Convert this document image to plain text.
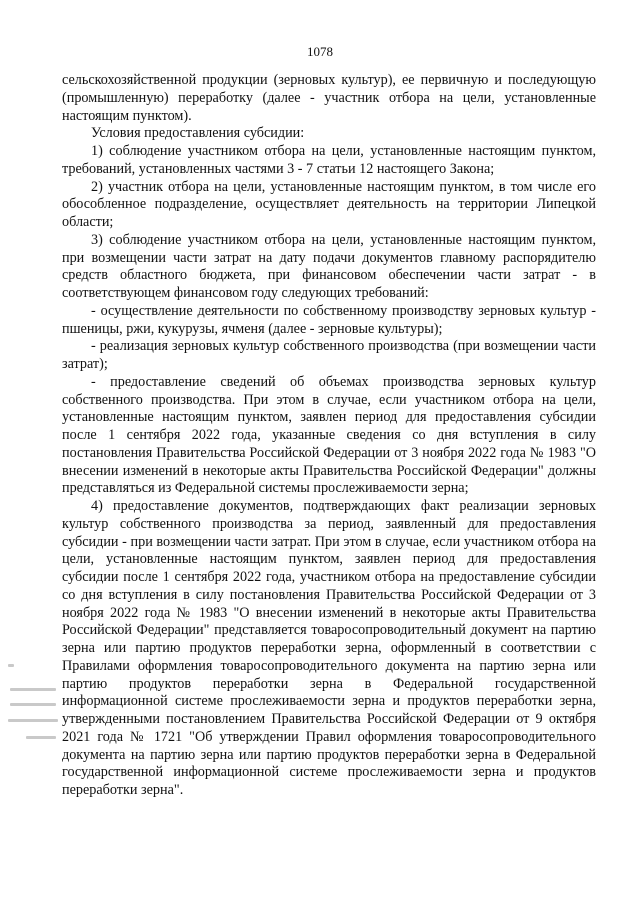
1078

сельскохозяйственной продукции (зерновых культур), ее первичную и последующую (промышленную) переработку (далее - участник отбора на цели, установленные настоящим пунктом).

Условия предоставления субсидии:

1) соблюдение участником отбора на цели, установленные настоящим пунктом, требований, установленных частями 3 - 7 статьи 12 настоящего Закона;

2) участник отбора на цели, установленные настоящим пунктом, в том числе его обособленное подразделение, осуществляет деятельность на территории Липецкой области;

3) соблюдение участником отбора на цели, установленные настоящим пунктом, при возмещении части затрат на дату подачи документов главному распорядителю средств областного бюджета, при финансовом обеспечении части затрат - в соответствующем финансовом году следующих требований:

- осуществление деятельности по собственному производству зерновых культур - пшеницы, ржи, кукурузы, ячменя (далее - зерновые культуры);

- реализация зерновых культур собственного производства (при возмещении части затрат);

- предоставление сведений об объемах производства зерновых культур собственного производства. При этом в случае, если участником отбора на цели, установленные настоящим пунктом, заявлен период для предоставления субсидии после 1 сентября 2022 года, указанные сведения со дня вступления в силу постановления Правительства Российской Федерации от 3 ноября 2022 года № 1983 "О внесении изменений в некоторые акты Правительства Российской Федерации" должны представляться из Федеральной системы прослеживаемости зерна;

4) предоставление документов, подтверждающих факт реализации зерновых культур собственного производства за период, заявленный для предоставления субсидии - при возмещении части затрат. При этом в случае, если участником отбора на цели, установленные настоящим пунктом, заявлен период для предоставления субсидии после 1 сентября 2022 года, участником отбора на предоставление субсидии со дня вступления в силу постановления Правительства Российской Федерации от 3 ноября 2022 года № 1983 "О внесении изменений в некоторые акты Правительства Российской Федерации" представляется товаросопроводительный документ на партию зерна или партию продуктов переработки зерна, оформленный в соответствии с Правилами оформления товаросопроводительного документа на партию зерна или партию продуктов переработки зерна в Федеральной государственной информационной системе прослеживаемости зерна и продуктов переработки зерна, утвержденными постановлением Правительства Российской Федерации от 9 октября 2021 года № 1721 "Об утверждении Правил оформления товаросопроводительного документа на партию зерна или партию продуктов переработки зерна в Федеральной государственной информационной системе прослеживаемости зерна и продуктов переработки зерна".
